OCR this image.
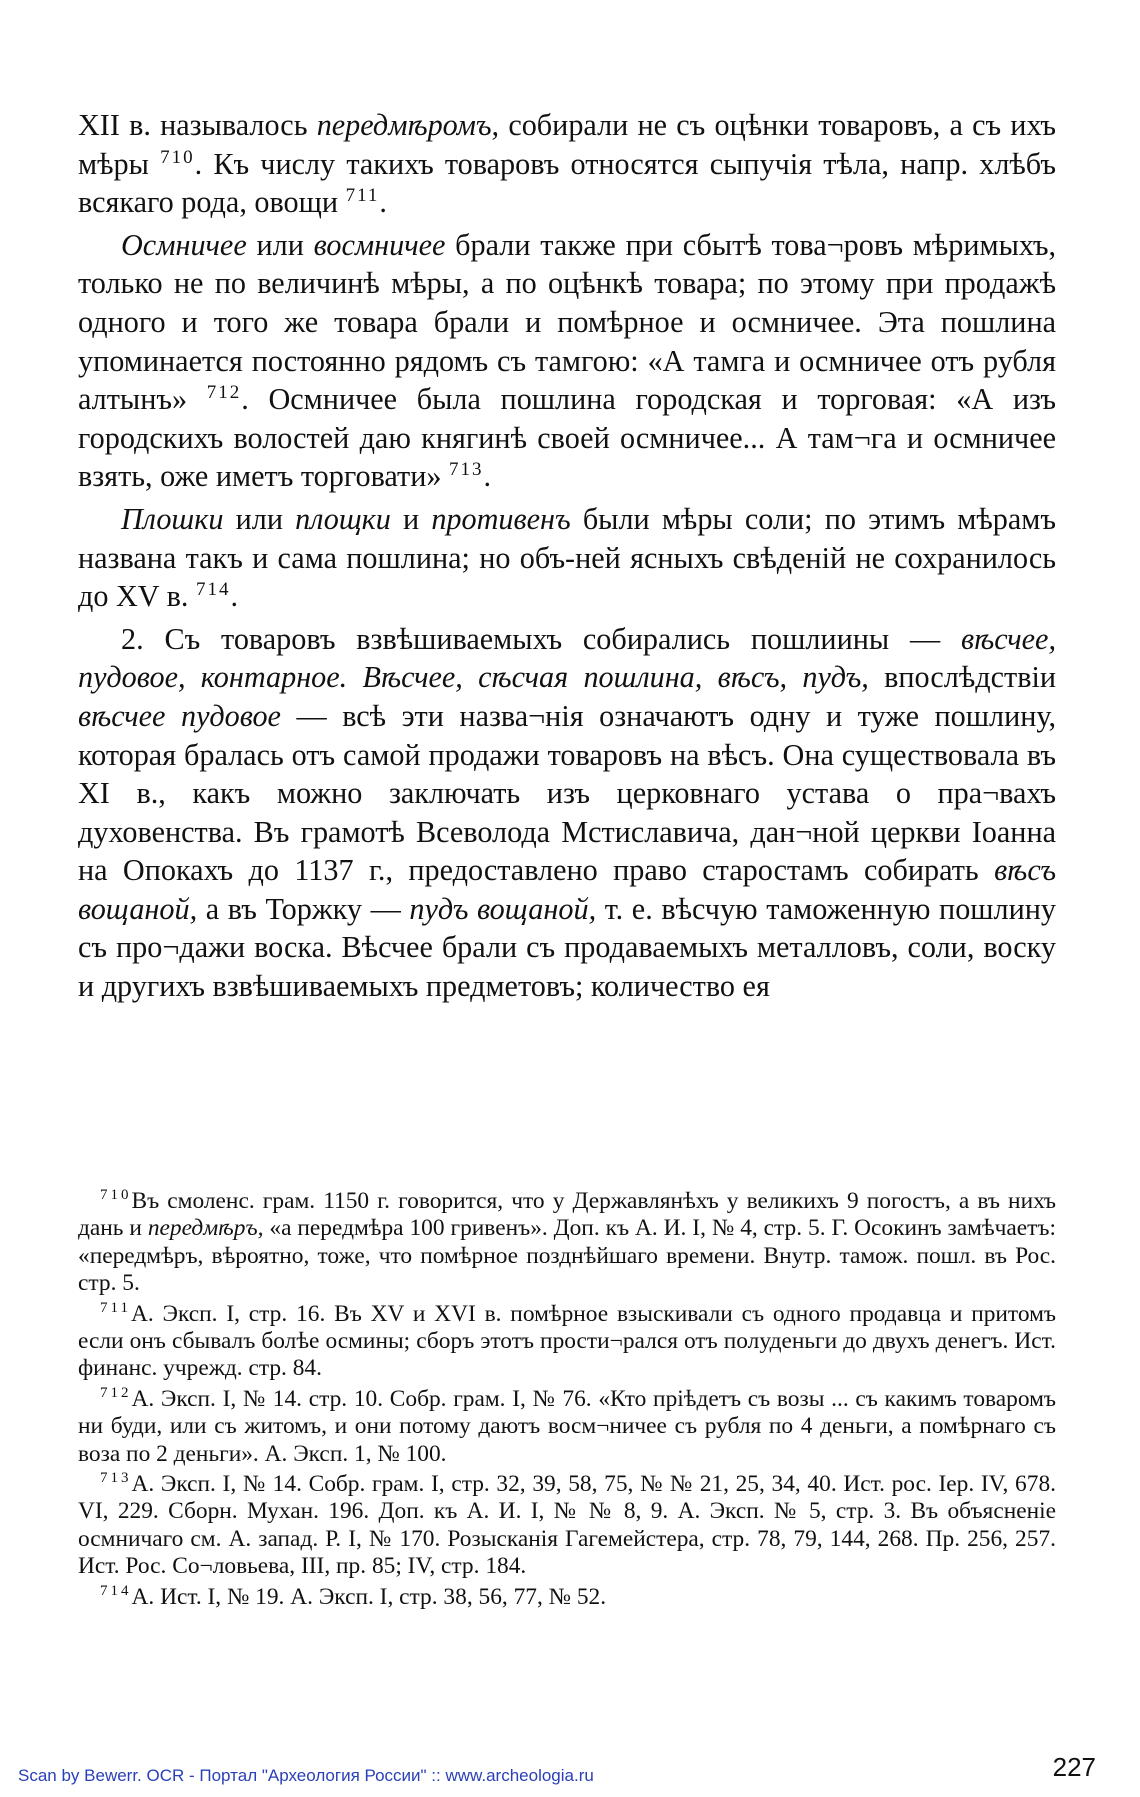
XII в. называлось передмѣромъ, собирали не съ оцѣнки товаровъ, а съ ихъ мѣры $^{710}$. Къ числу такихъ товаровъ относятся сыпучія тѣла, напр. хлѣбъ всякаго рода, овощи $^{711}$.

Осмничее или восмничее брали также при сбытѣ това¬ровъ мѣримыхъ, только не по величинѣ мѣры, а по оцѣнкѣ товара; по этому при продажѣ одного и того же товара брали и помѣрное и осмничее. Эта пошлина упоминается постоянно рядомъ съ тамгою: «А тамга и осмничее отъ рубля алтынъ» $^{712}$. Осмничее была пошлина городская и торговая: «А изъ городскихъ волостей даю княгинѣ своей осмничее... А там¬га и осмничее взять, оже иметъ торговати» $^{713}$.

Плошки или площки и противенъ были мѣры соли; по этимъ мѣрамъ названа такъ и сама пошлина; но объ-ней ясныхъ свѣденій не сохранилось до XV в. $^{714}$.

2. Съ товаровъ взвѣшиваемыхъ собирались пошлиины — вѣсчее, пудовое, контарное. Вѣсчее, сѣсчая пошлина, вѣсъ, пудъ, впослѣдствіи вѣсчее пудовое — всѣ эти назва¬нія означаютъ одну и туже пошлину, которая бралась отъ самой продажи товаровъ на вѣсъ. Она существовала въ XI в., какъ можно заключать изъ церковнаго устава о пра¬вахъ духовенства. Въ грамотѣ Всеволода Мстиславича, дан¬ной церкви Іоанна на Опокахъ до 1137 г., предоставлено право старостамъ собирать вѣсъ вощаной, а въ Торжку — пудъ вощаной, т. е. вѣсчую таможенную пошлину съ про¬дажи воска. Вѣсчее брали съ продаваемыхъ металловъ, соли, воску и другихъ взвѣшиваемыхъ предметовъ; количество ея

$^{710}$Въ смоленс. грам. 1150 г. говорится, что у Державлянѣхъ у великихъ 9 погостъ, а въ нихъ дань и передмѣръ, «а передмѣра 100 гривенъ». Доп. къ А. И. I, № 4, стр. 5. Г. Осокинъ замѣчаетъ: «передмѣръ, вѣроятно, тоже, что помѣрное позднѣйшаго времени. Внутр. тамож. пошл. въ Рос. стр. 5.

$^{711}$А. Эксп. I, стр. 16. Въ XV и XVI в. помѣрное взыскивали съ одного продавца и притомъ если онъ сбывалъ болѣе осмины; сборъ этотъ прости¬рался отъ полуденьги до двухъ денегъ. Ист. финанс. учрежд. стр. 84.

$^{712}$А. Эксп. I, № 14. стр. 10. Собр. грам. I, № 76. «Кто пріѣдетъ съ возы ... съ какимъ товаромъ ни буди, или съ житомъ, и они потому даютъ восм¬ничее съ рубля по 4 деньги, а помѣрнаго съ воза по 2 деньги». А. Эксп. 1, № 100.

$^{713}$А. Эксп. I, № 14. Собр. грам. I, стр. 32, 39, 58, 75, № № 21, 25, 34, 40. Ист. рос. Іер. IV, 678. VI, 229. Сборн. Мухан. 196. Доп. къ А. И. I, № № 8, 9. А. Эксп. № 5, стр. 3. Въ объясненіе осмничаго см. А. запад. Р. I, № 170. Розысканія Гагемейстера, стр. 78, 79, 144, 268. Пр. 256, 257. Ист. Рос. Со¬ловьева, III, пр. 85; IV, стр. 184.

$^{714}$А. Ист. I, № 19. А. Эксп. I, стр. 38, 56, 77, № 52.

Scan by Bewerr. OCR - Портал "Археология России" :: www.archeologia.ru	227
